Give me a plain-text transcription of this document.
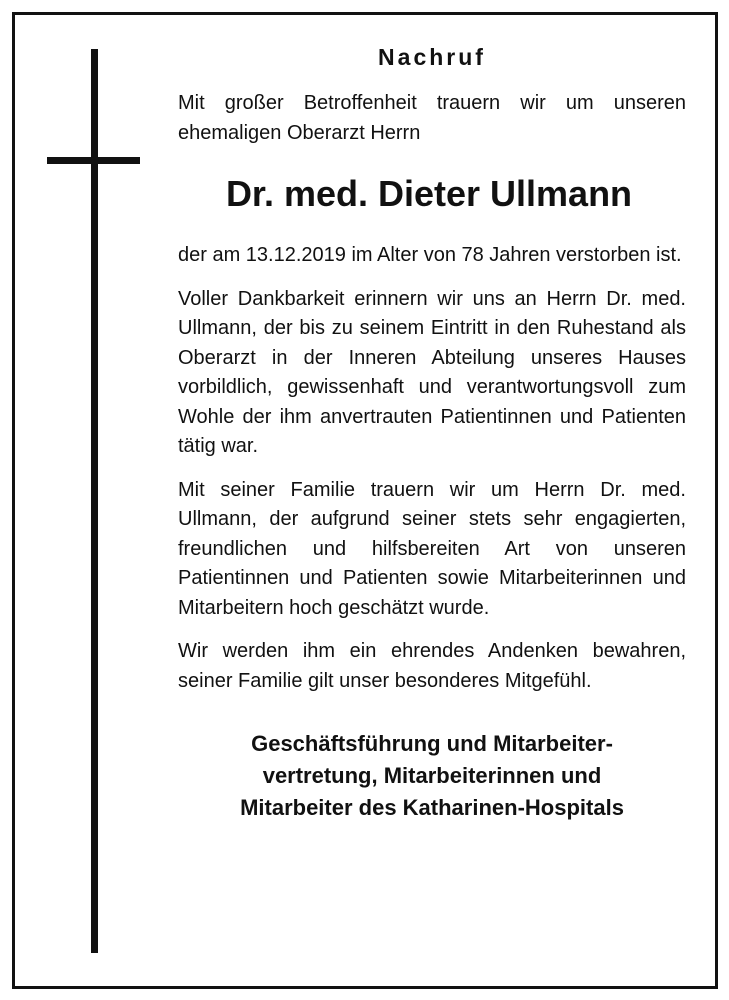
Nachruf

Mit großer Betroffenheit trauern wir um unseren ehemaligen Oberarzt Herrn

Dr. med. Dieter Ullmann

der am 13.12.2019 im Alter von 78 Jahren verstorben ist.

Voller Dankbarkeit erinnern wir uns an Herrn Dr. med. Ullmann, der bis zu seinem Eintritt in den Ruhestand als Oberarzt in der Inneren Abteilung unseres Hauses vorbildlich, gewissenhaft und verantwortungsvoll zum Wohle der ihm anvertrauten Patientinnen und Patienten tätig war.

Mit seiner Familie trauern wir um Herrn Dr. med. Ullmann, der aufgrund seiner stets sehr engagierten, freundlichen und hilfsbereiten Art von unseren Patientinnen und Patienten sowie Mitarbeiterinnen und Mitarbeitern hoch geschätzt wurde.

Wir werden ihm ein ehrendes Andenken bewahren, seiner Familie gilt unser besonderes Mitgefühl.

Geschäftsführung und Mitarbeiter-
vertretung, Mitarbeiterinnen und
Mitarbeiter des Katharinen-Hospitals
